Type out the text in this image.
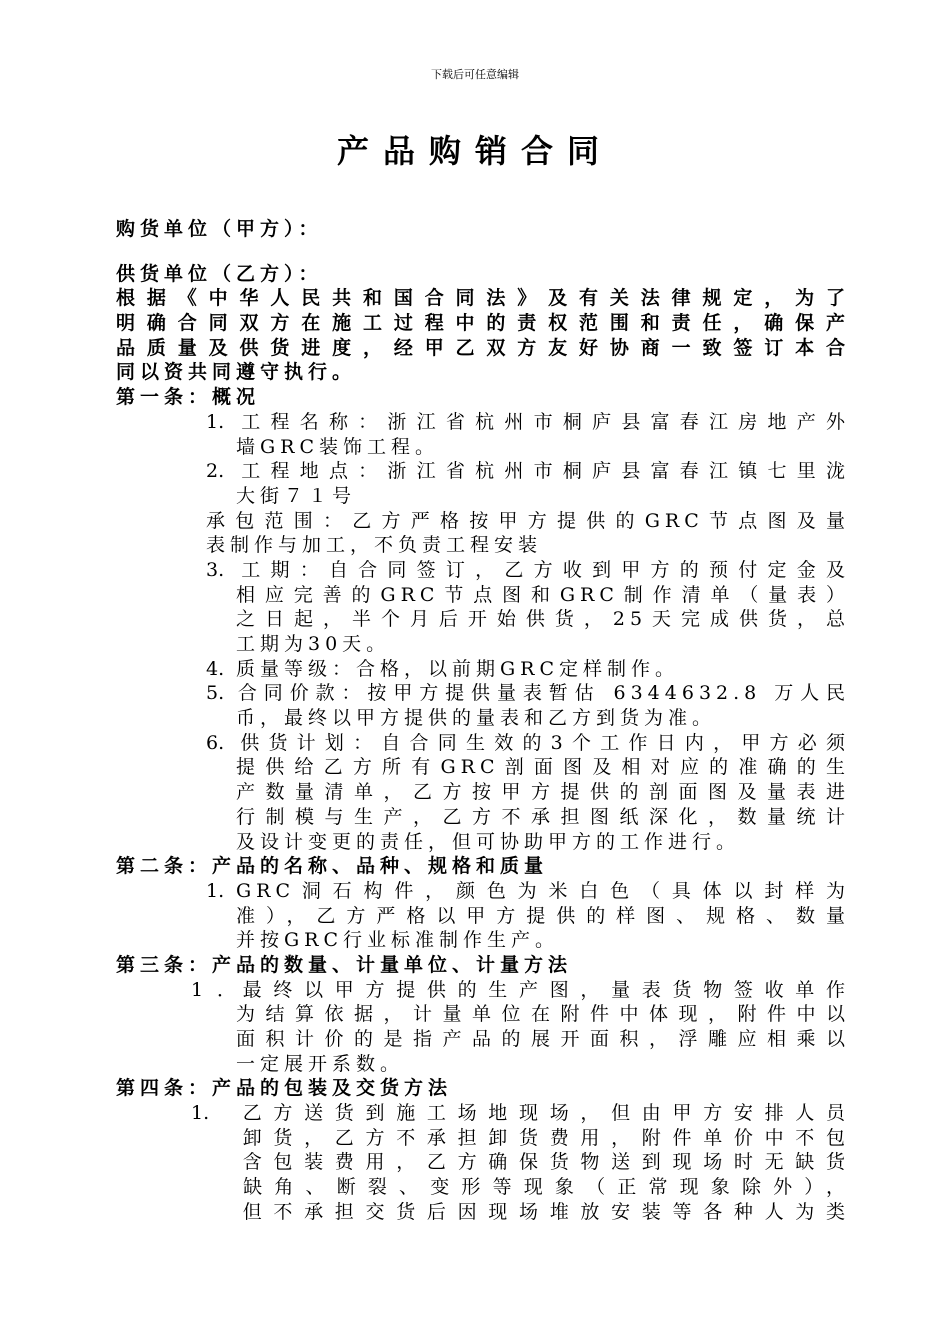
下载后可任意编辑
产品购销合同
购货单位（甲方）：
供货单位（乙方）：
根据《中华人民共和国合同法》及有关法律规定，为了
明确合同双方在施工过程中的责权范围和责任，确保产
品质量及供货进度，经甲乙双方友好协商一致签订本合
同以资共同遵守执行。
第一条：概况
1. 工程名称：浙江省杭州市桐庐县富春江房地产外
墙GRC装饰工程。
2. 工程地点：浙江省杭州市桐庐县富春江镇七里泷
大街７１号
承包范围：乙方严格按甲方提供的GRC节点图及量
表制作与加工，不负责工程安装
3. 工期：自合同签订，乙方收到甲方的预付定金及
相应完善的GRC节点图和GRC制作清单（量表）
之日起，半个月后开始供货，25天完成供货，总
工期为30天。
4. 质量等级：合格，以前期GRC定样制作。
5. 合同价款：按甲方提供量表暂估 6344632.8 万人民
币，最终以甲方提供的量表和乙方到货为准。
6. 供货计划：自合同生效的3个工作日内，甲方必须
提供给乙方所有GRC剖面图及相对应的准确的生
产数量清单，乙方按甲方提供的剖面图及量表进
行制模与生产，乙方不承担图纸深化，数量统计
及设计变更的责任，但可协助甲方的工作进行。
第二条：产品的名称、品种、规格和质量
1. GRC洞石构件，颜色为米白色（具体以封样为
准），乙方严格以甲方提供的样图、规格、数量
并按GRC行业标准制作生产。
第三条：产品的数量、计量单位、计量方法
1．最终以甲方提供的生产图，量表货物签收单作
为结算依据，计量单位在附件中体现，附件中以
面积计价的是指产品的展开面积，浮雕应相乘以
一定展开系数。
第四条：产品的包装及交货方法
1. 乙方送货到施工场地现场，但由甲方安排人员
卸货，乙方不承担卸货费用，附件单价中不包
含包装费用，乙方确保货物送到现场时无缺货
缺角、断裂、变形等现象（正常现象除外），
但不承担交货后因现场堆放安装等各种人为类
